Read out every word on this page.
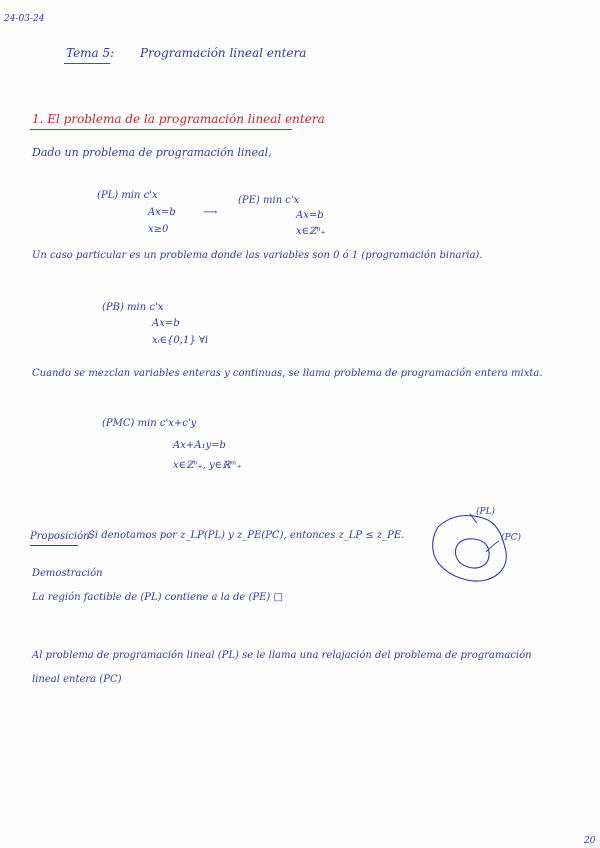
24-03-24
Tema 5: Programación lineal entera
1. El problema de la programación lineal entera
Dado un problema de programación lineal,
(PL) min c'x
Ax=b
x≥0
⟶
(PE) min c'x
Ax=b
x∈ℤⁿ₊
Un caso particular es un problema donde las variables son 0 ó 1 (programación binaria).
(PB) min c'x
Ax=b
xᵢ∈{0,1} ∀i
Cuando se mezclan variables enteras y continuas, se llama problema de programación entera mixta.
(PMC) min c'x+c'y
Ax+A₁y=b
x∈ℤⁿ₊, y∈ℝᵐ₊
Proposición.
Si denotamos por z_LP(PL) y z_PE(PC), entonces z_LP ≤ z_PE.
Demostración
La región factible de (PL) contiene a la de (PE) □
Al problema de programación lineal (PL) se le llama una relajación del problema de programación
lineal entera (PC)
(PL)
(PC)
20
